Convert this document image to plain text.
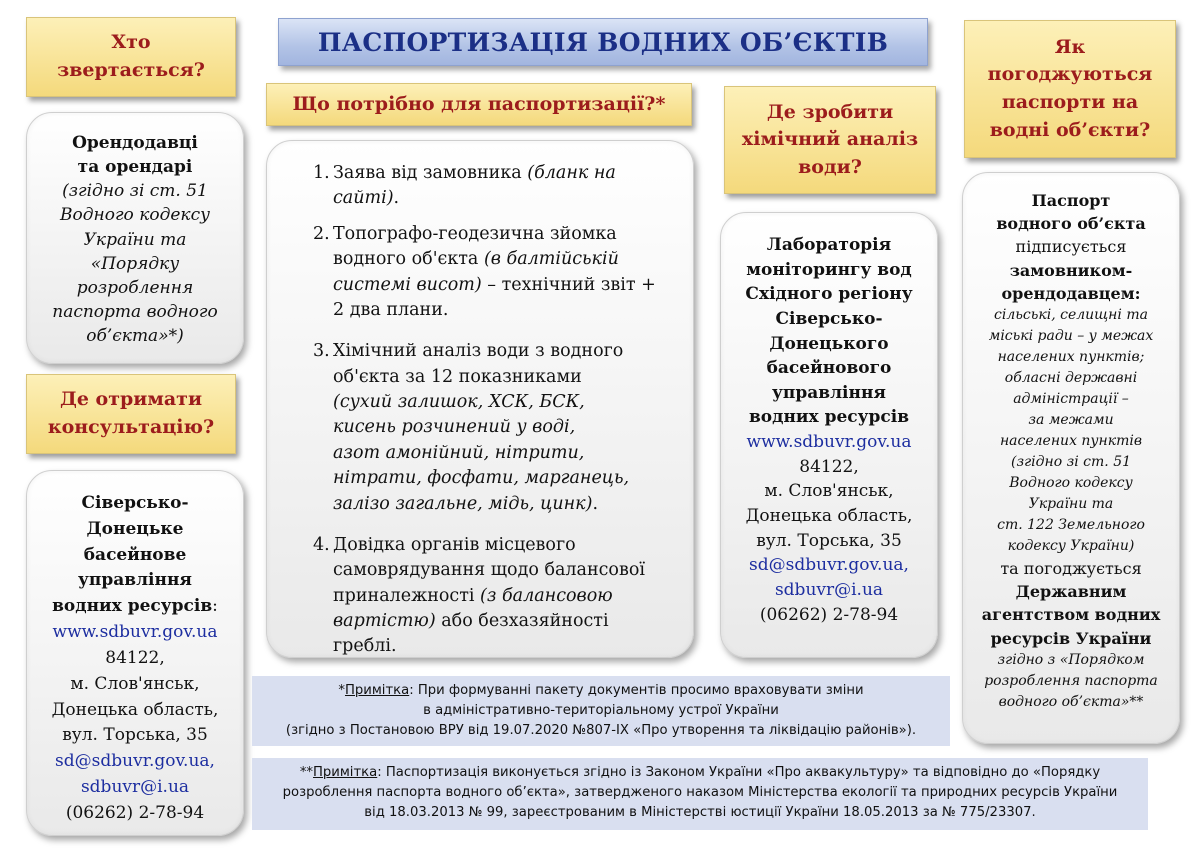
ПАСПОРТИЗАЦІЯ ВОДНИХ ОБ’ЄКТІВ
Хто
звертається?
Орендодавці
та орендарі
(згідно зі ст. 51
Водного кодексу
України та
«Порядку
розроблення
паспорта водного
об’єкта»*)
Де отримати
консультацію?
Сіверсько-
Донецьке
басейнове
управління
водних ресурсів:
www.sdbuvr.gov.ua
84122,
м. Слов'янськ,
Донецька область,
вул. Торська, 35
sd@sdbuvr.gov.ua,
sdbuvr@i.ua
(06262) 2-78-94
Що потрібно для паспортизації?*
1. Заява від замовника (бланк на
сайті).
2. Топографо-геодезична зйомка
водного об'єкта (в балтійській
системі висот) – технічний звіт +
2 два плани.
3. Хімічний аналіз води з водного
об'єкта за 12 показниками
(сухий залишок, ХСК, БСК,
кисень розчинений у воді,
азот амонійний, нітрити,
нітрати, фосфати, марганець,
залізо загальне, мідь, цинк).
4. Довідка органів місцевого
самоврядування щодо балансової
приналежності (з балансовою
вартістю) або безхазяйності
греблі.
Де зробити
хімічний аналіз
води?
Лабораторія
моніторингу вод
Східного регіону
Сіверсько-
Донецького
басейнового
управління
водних ресурсів
www.sdbuvr.gov.ua
84122,
м. Слов'янськ,
Донецька область,
вул. Торська, 35
sd@sdbuvr.gov.ua,
sdbuvr@i.ua
(06262) 2-78-94
Як
погоджуються
паспорти на
водні об’єкти?
Паспорт
водного об’єкта
підписується
замовником-
орендодавцем:
сільські, селищні та
міські ради – у межах
населених пунктів;
обласні державні
адміністрації –
за межами
населених пунктів
(згідно зі ст. 51
Водного кодексу
України та
ст. 122 Земельного
кодексу України)
та погоджується
Державним
агентством водних
ресурсів України
згідно з «Порядком
розроблення паспорта
водного об’єкта»**
*Примітка: При формуванні пакету документів просимо враховувати зміни
в адміністративно-територіальному устрої України
(згідно з Постановою ВРУ від 19.07.2020 №807-IX «Про утворення та ліквідацію районів»).
**Примітка: Паспортизація виконується згідно із Законом України «Про аквакультуру» та відповідно до «Порядку
розроблення паспорта водного об’єкта», затвердженого наказом Міністерства екології та природних ресурсів України
від 18.03.2013 № 99, зареєстрованим в Міністерстві юстиції України 18.05.2013 за № 775/23307.
